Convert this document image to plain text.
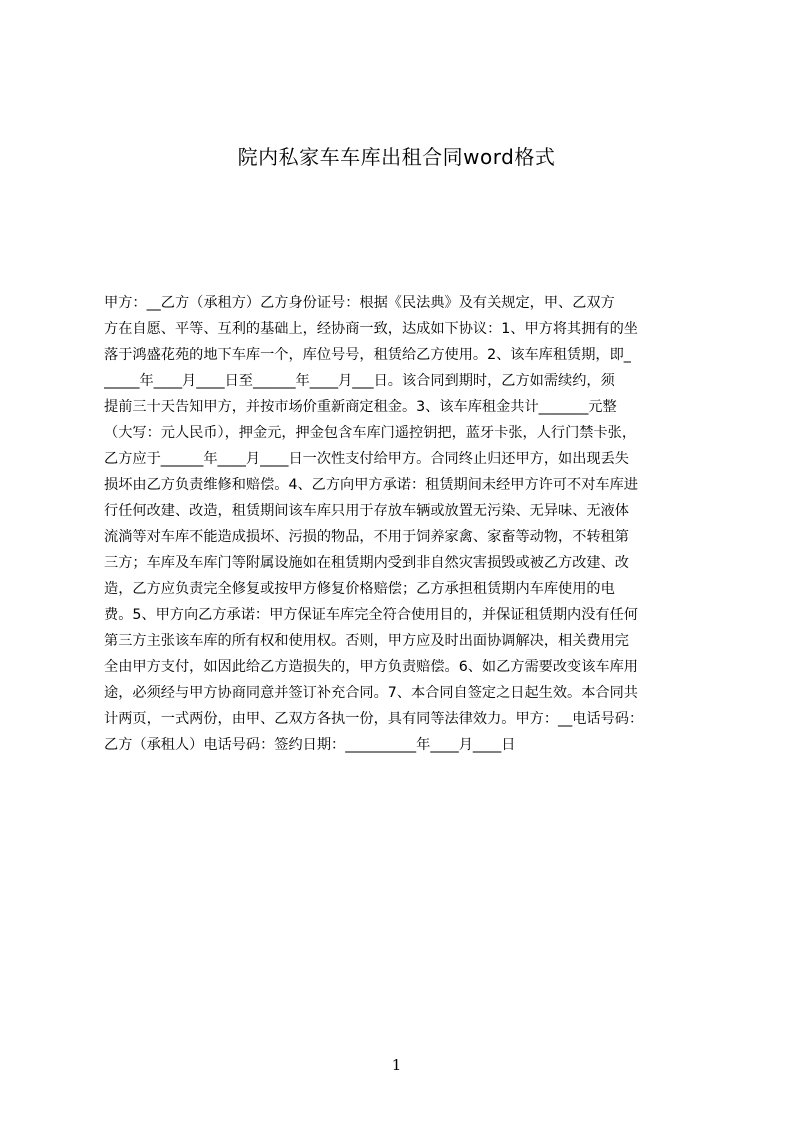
院内私家车车库出租合同word格式
甲方：__乙方（承租方）乙方身份证号：根据《民法典》及有关规定，甲、乙双方
方在自愿、平等、互利的基础上，经协商一致，达成如下协议：1、甲方将其拥有的坐
落于鸿盛花苑的地下车库一个，库位号号，租赁给乙方使用。2、该车库租赁期，即_
_____年____月____日至______年____月___日。该合同到期时，乙方如需续约，须
提前三十天告知甲方，并按市场价重新商定租金。3、该车库租金共计_______元整
（大写：元人民币），押金元，押金包含车库门遥控钥把，蓝牙卡张，人行门禁卡张，
乙方应于______年____月____日一次性支付给甲方。合同终止归还甲方，如出现丢失
损坏由乙方负责维修和赔偿。4、乙方向甲方承诺：租赁期间未经甲方许可不对车库进
行任何改建、改造，租赁期间该车库只用于存放车辆或放置无污染、无异味、无液体
流淌等对车库不能造成损坏、污损的物品，不用于饲养家禽、家畜等动物，不转租第
三方；车库及车库门等附属设施如在租赁期内受到非自然灾害损毁或被乙方改建、改
造，乙方应负责完全修复或按甲方修复价格赔偿；乙方承担租赁期内车库使用的电
费。5、甲方向乙方承诺：甲方保证车库完全符合使用目的，并保证租赁期内没有任何
第三方主张该车库的所有权和使用权。否则，甲方应及时出面协调解决，相关费用完
全由甲方支付，如因此给乙方造损失的，甲方负责赔偿。6、如乙方需要改变该车库用
途，必须经与甲方协商同意并签订补充合同。7、本合同自签定之日起生效。本合同共
计两页，一式两份，由甲、乙双方各执一份，具有同等法律效力。甲方：__电话号码：
乙方（承租人）电话号码：签约日期：__________年____月____日
1
